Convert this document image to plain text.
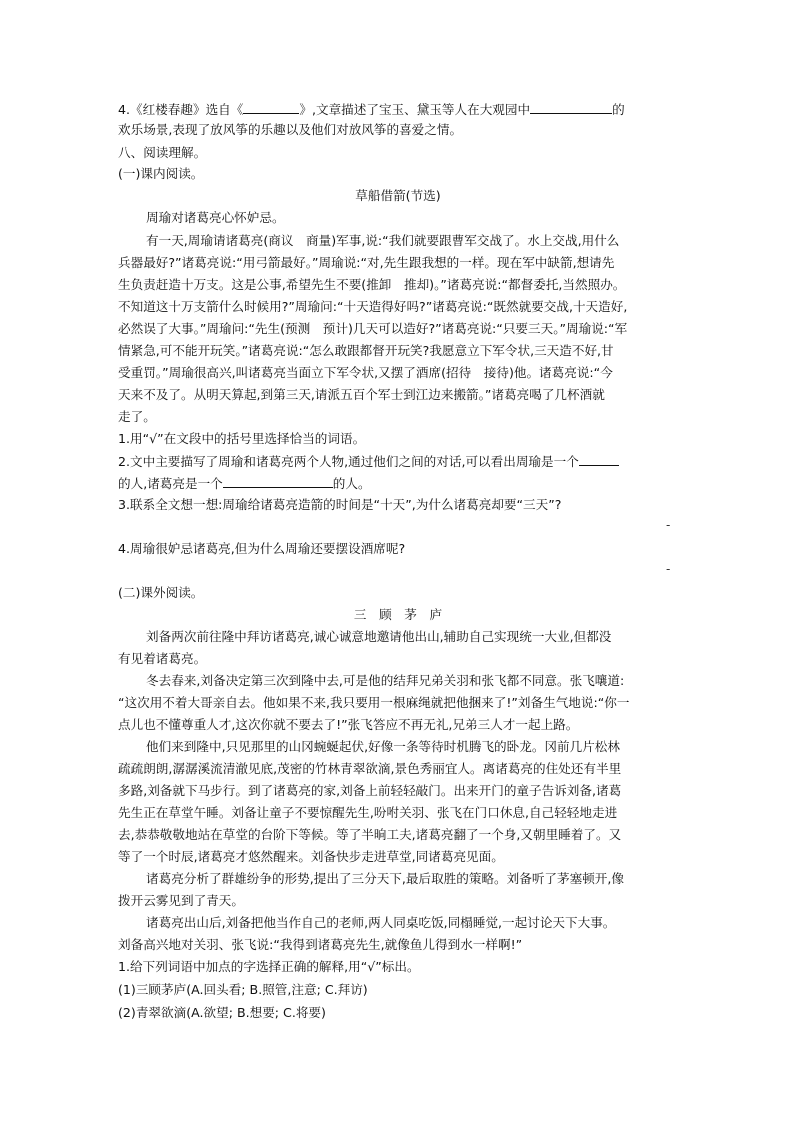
4.《红楼春趣》选自《	》,文章描述了宝玉、黛玉等人在大观园中	的
欢乐场景,表现了放风筝的乐趣以及他们对放风筝的喜爱之情。
八、阅读理解。
(一)课内阅读。
草船借箭(节选)
周瑜对诸葛亮心怀妒忌。
有一天,周瑜请诸葛亮(商议　商量)军事,说:“我们就要跟曹军交战了。水上交战,用什么
兵器最好?”诸葛亮说:“用弓箭最好。”周瑜说:“对,先生跟我想的一样。现在军中缺箭,想请先
生负责赶造十万支。这是公事,希望先生不要(推卸　推却)。”诸葛亮说:“都督委托,当然照办。
不知道这十万支箭什么时候用?”周瑜问:“十天造得好吗?”诸葛亮说:“既然就要交战,十天造好,
必然误了大事。”周瑜问:“先生(预测　预计)几天可以造好?”诸葛亮说:“只要三天。”周瑜说:“军
情紧急,可不能开玩笑。”诸葛亮说:“怎么敢跟都督开玩笑?我愿意立下军令状,三天造不好,甘
受重罚。”周瑜很高兴,叫诸葛亮当面立下军令状,又摆了酒席(招待　接待)他。诸葛亮说:“今
天来不及了。从明天算起,到第三天,请派五百个军士到江边来搬箭。”诸葛亮喝了几杯酒就
走了。
1.用“√”在文段中的括号里选择恰当的词语。
2.文中主要描写了周瑜和诸葛亮两个人物,通过他们之间的对话,可以看出周瑜是一个
的人,诸葛亮是一个	的人。
3.联系全文想一想:周瑜给诸葛亮造箭的时间是“十天”,为什么诸葛亮却要“三天”?
4.周瑜很妒忌诸葛亮,但为什么周瑜还要摆设酒席呢?
(二)课外阅读。
三　顾　茅　庐
刘备两次前往隆中拜访诸葛亮,诚心诚意地邀请他出山,辅助自己实现统一大业,但都没
有见着诸葛亮。
冬去春来,刘备决定第三次到隆中去,可是他的结拜兄弟关羽和张飞都不同意。张飞嚷道:
“这次用不着大哥亲自去。他如果不来,我只要用一根麻绳就把他捆来了!”刘备生气地说:“你一
点儿也不懂尊重人才,这次你就不要去了!”张飞答应不再无礼,兄弟三人才一起上路。
他们来到隆中,只见那里的山冈蜿蜒起伏,好像一条等待时机腾飞的卧龙。冈前几片松林
疏疏朗朗,潺潺溪流清澈见底,茂密的竹林青翠欲滴,景色秀丽宜人。离诸葛亮的住处还有半里
多路,刘备就下马步行。到了诸葛亮的家,刘备上前轻轻敲门。出来开门的童子告诉刘备,诸葛
先生正在草堂午睡。刘备让童子不要惊醒先生,吩咐关羽、张飞在门口休息,自己轻轻地走进
去,恭恭敬敬地站在草堂的台阶下等候。等了半晌工夫,诸葛亮翻了一个身,又朝里睡着了。又
等了一个时辰,诸葛亮才悠然醒来。刘备快步走进草堂,同诸葛亮见面。
诸葛亮分析了群雄纷争的形势,提出了三分天下,最后取胜的策略。刘备听了茅塞顿开,像
拨开云雾见到了青天。
诸葛亮出山后,刘备把他当作自己的老师,两人同桌吃饭,同榻睡觉,一起讨论天下大事。
刘备高兴地对关羽、张飞说:“我得到诸葛亮先生,就像鱼儿得到水一样啊!”
1.给下列词语中加点的字选择正确的解释,用“√”标出。
(1)三顾茅庐(A.回头看; B.照管,注意; C.拜访)
(2)青翠欲滴(A.欲望; B.想要; C.将要)
-
-
